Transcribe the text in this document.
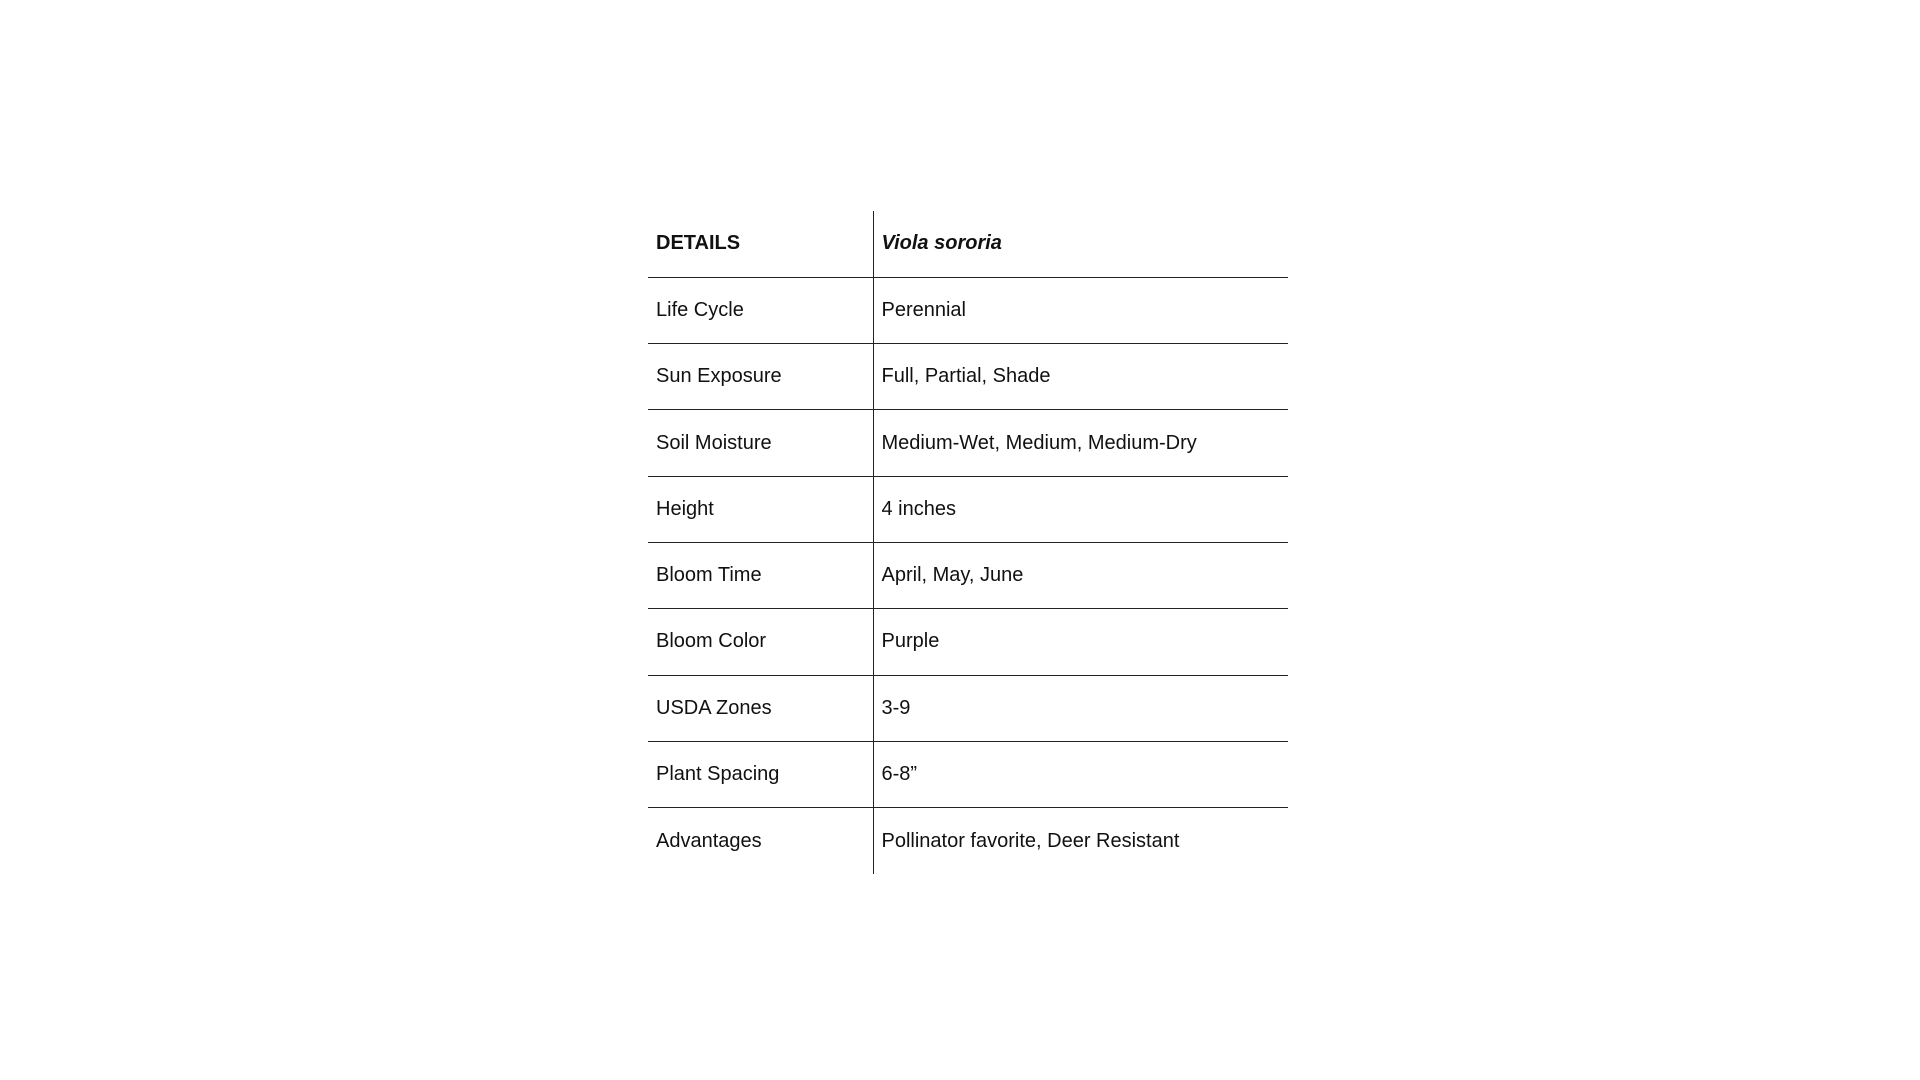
DETAILS	Viola sororia
Life Cycle	Perennial
Sun Exposure	Full, Partial, Shade
Soil Moisture	Medium-Wet, Medium, Medium-Dry
Height	4 inches
Bloom Time	April, May, June
Bloom Color	Purple
USDA Zones	3-9
Plant Spacing	6-8”
Advantages	Pollinator favorite, Deer Resistant
